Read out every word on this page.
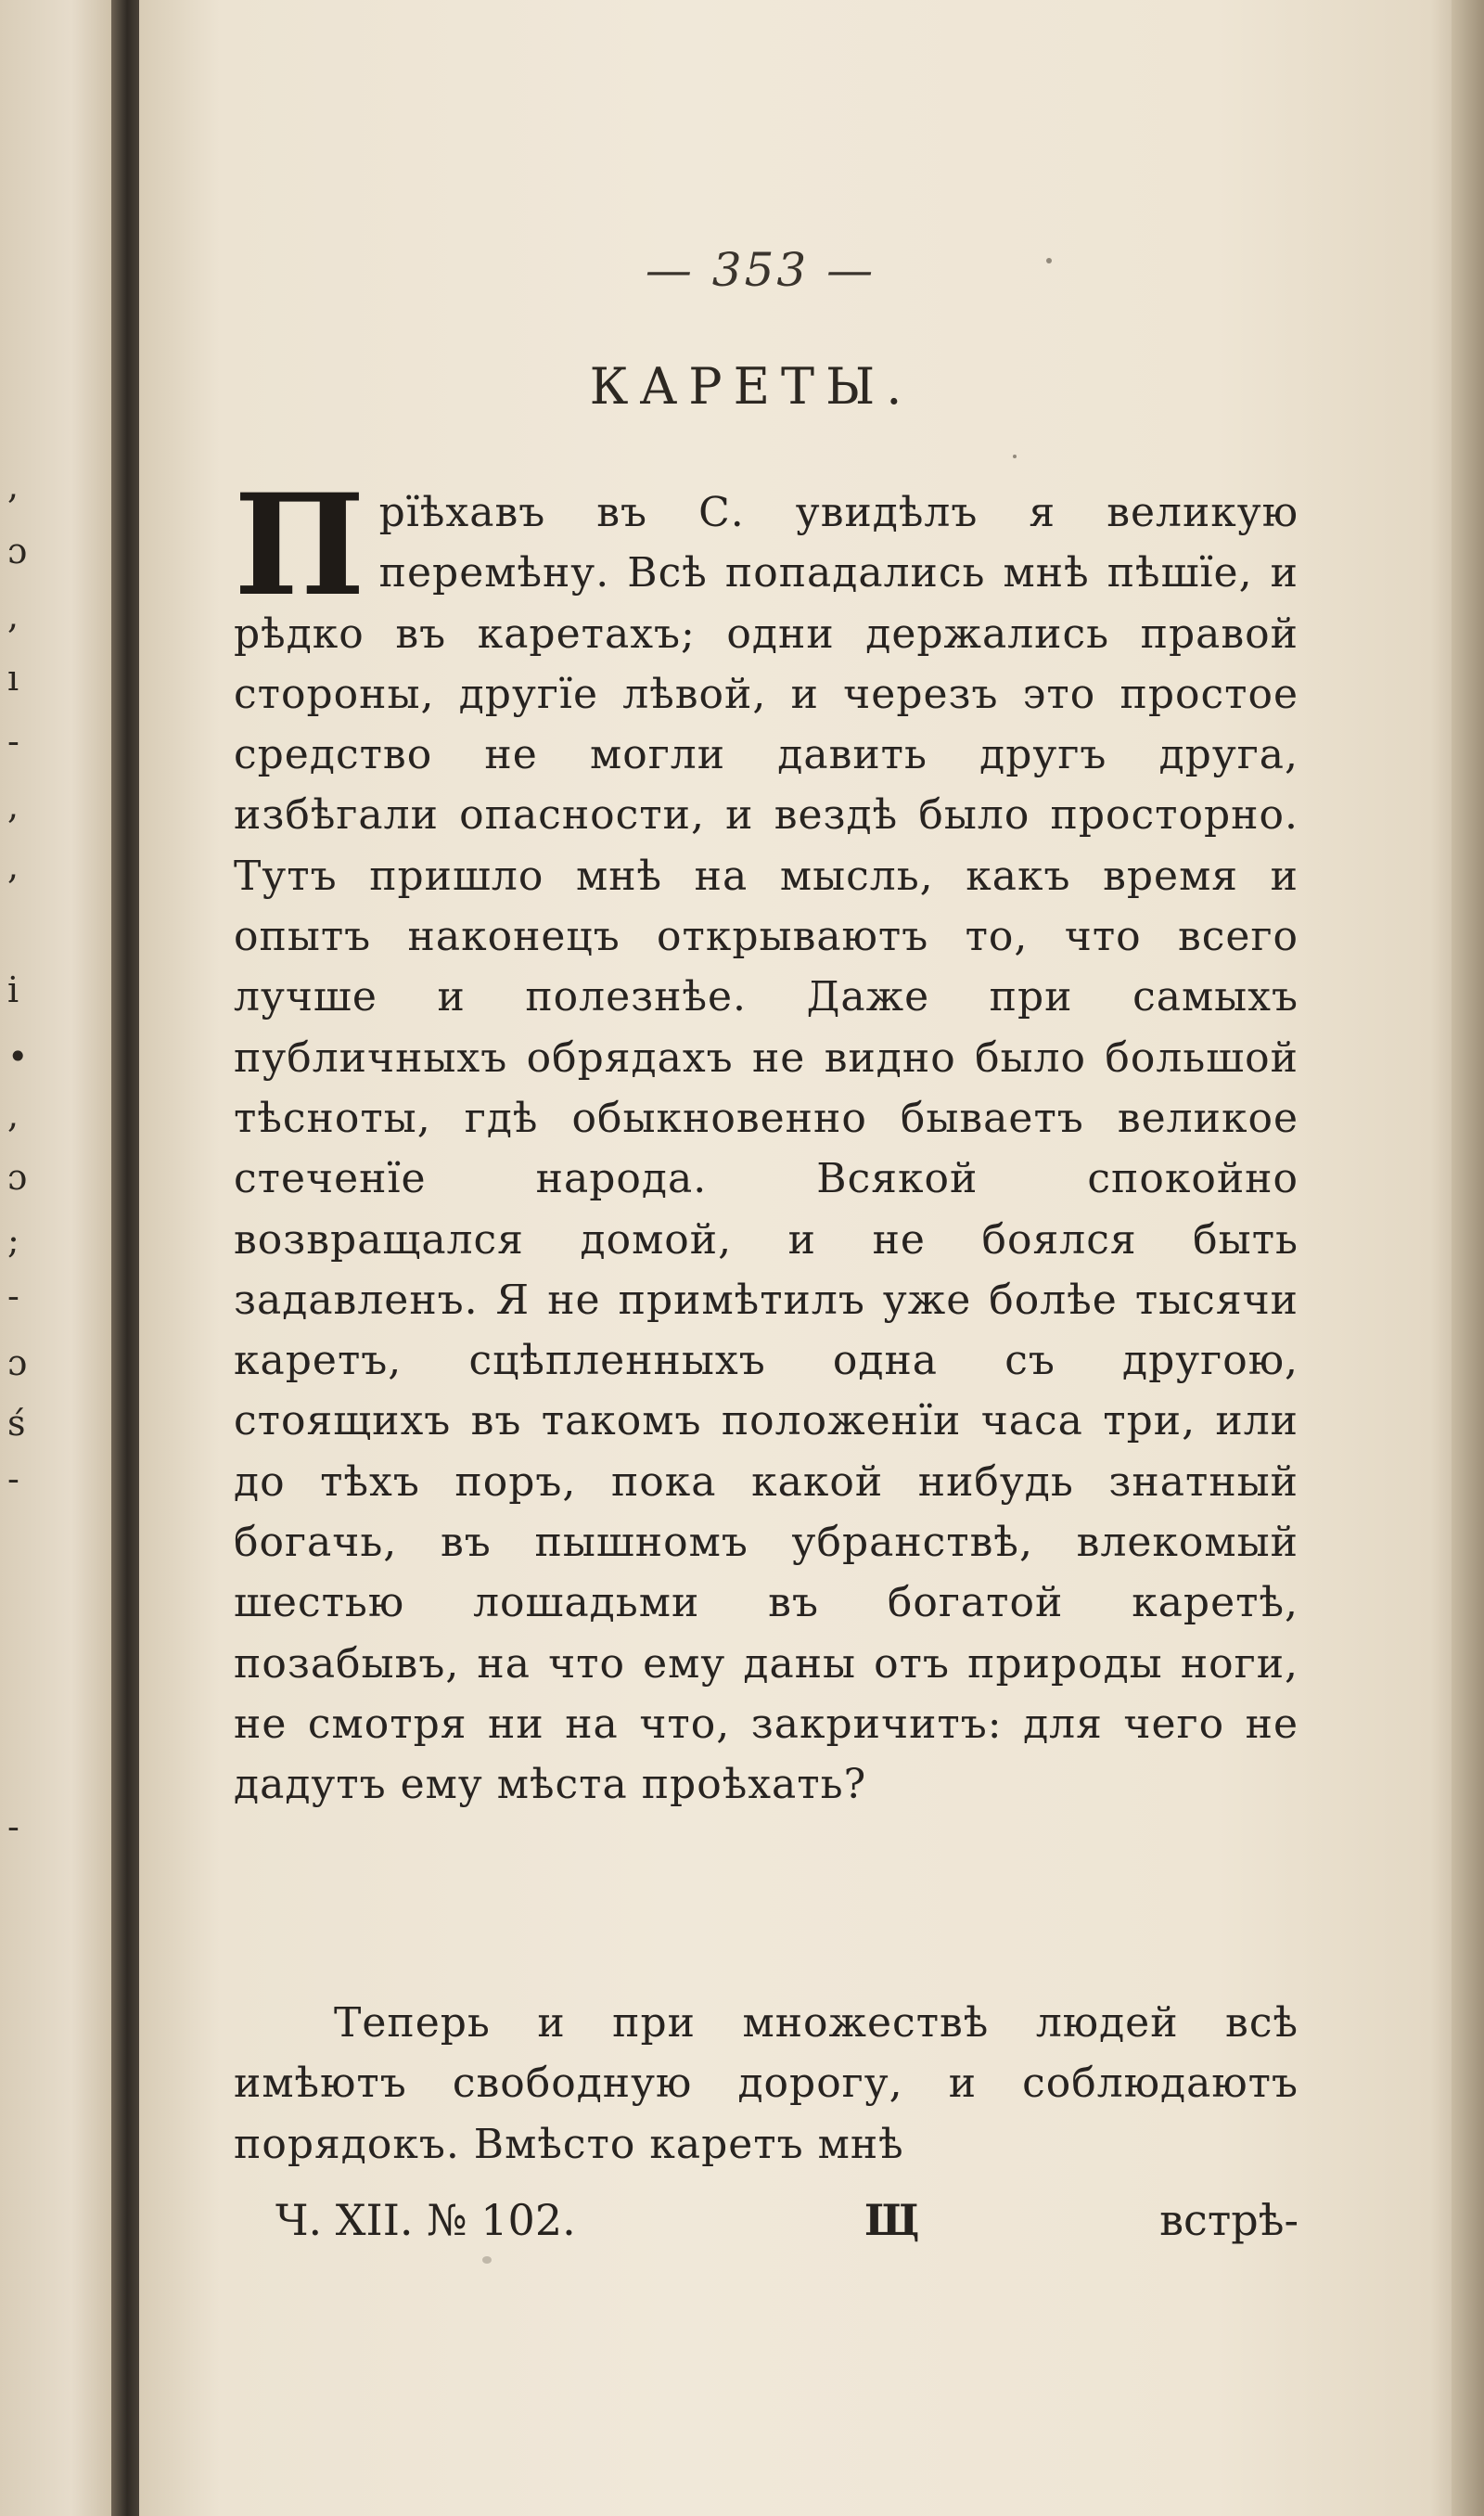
,
ɔ
,
ı
-
,
,
i
•
,
ɔ
;
-
ɔ
ś
-
-
— 353 —
КАРЕТЫ.
Прїѣхавъ въ С. увидѣлъ я великую перемѣну. Всѣ попадались мнѣ пѣшїе, и рѣдко въ каретахъ; одни держались правой стороны, другїе лѣвой, и черезъ это простое средство не могли давить другъ друга, избѣгали опасности, и вездѣ было просторно. Тутъ пришло мнѣ на мысль, какъ время и опытъ наконецъ открываютъ то, что всего лучше и полезнѣе. Даже при самыхъ публичныхъ обрядахъ не видно было большой тѣсноты, гдѣ обыкновенно бываетъ великое стеченїе народа. Всякой спокойно возвращался домой, и не боялся быть задавленъ. Я не примѣтилъ уже болѣе тысячи каретъ, сцѣпленныхъ одна съ другою, стоящихъ въ такомъ положенїи часа три, или до тѣхъ поръ, пока какой нибудь знатный богачь, въ пышномъ убранствѣ, влекомый шестью лошадьми въ богатой каретѣ, позабывъ, на что ему даны отъ природы ноги, не смотря ни на что, закричитъ: для чего не дадутъ ему мѣста проѣхать?
Теперь и при множествѣ людей всѣ имѣютъ свободную дорогу, и соблюдаютъ порядокъ. Вмѣсто каретъ мнѣ
Ч. XII. № 102.	Щ	встрѣ-
